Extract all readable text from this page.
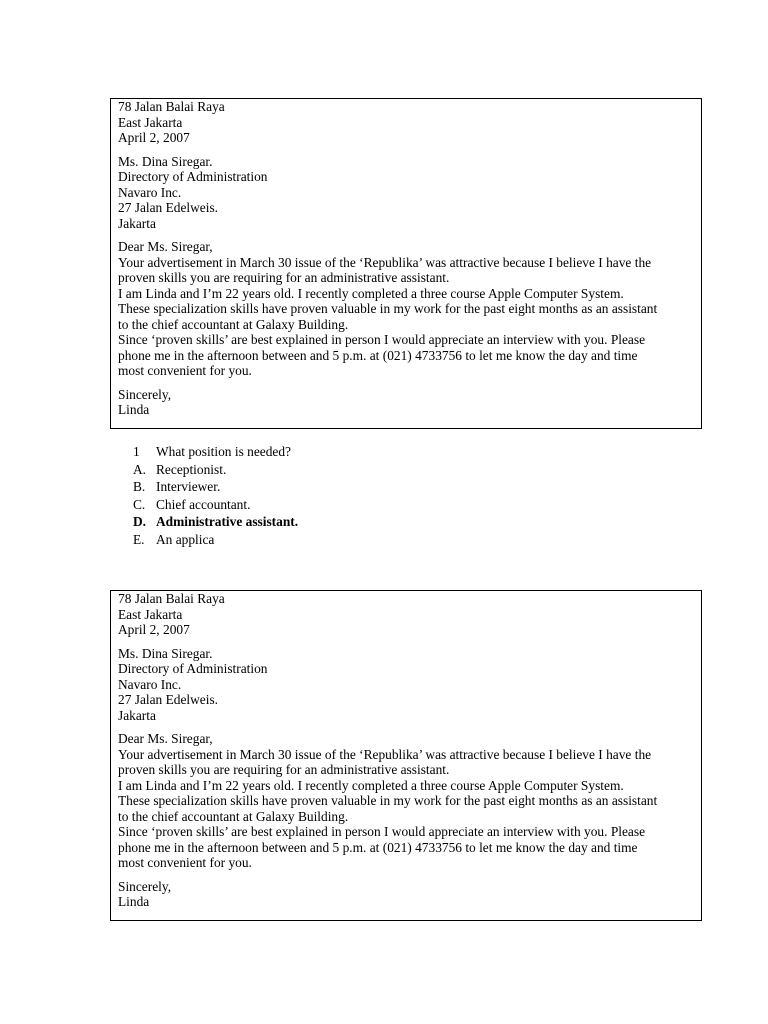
78 Jalan Balai Raya
East Jakarta
April 2, 2007
Ms. Dina Siregar.
Directory of Administration
Navaro Inc.
27 Jalan Edelweis.
Jakarta
Dear Ms. Siregar,
Your advertisement in March 30 issue of the ‘Republika’ was attractive because I believe I have the
proven skills you are requiring for an administrative assistant.
I am Linda and I’m 22 years old. I recently completed a three course Apple Computer System.
These specialization skills have proven valuable in my work for the past eight months as an assistant
to the chief accountant at Galaxy Building.
Since ‘proven skills’ are best explained in person I would appreciate an interview with you. Please
phone me in the afternoon between and 5 p.m. at (021) 4733756 to let me know the day and time
most convenient for you.
Sincerely,
Linda
1	What position is needed?
A. Receptionist.
B. Interviewer.
C. Chief accountant.
D. Administrative assistant.
E. An applica
78 Jalan Balai Raya
East Jakarta
April 2, 2007
Ms. Dina Siregar.
Directory of Administration
Navaro Inc.
27 Jalan Edelweis.
Jakarta
Dear Ms. Siregar,
Your advertisement in March 30 issue of the ‘Republika’ was attractive because I believe I have the
proven skills you are requiring for an administrative assistant.
I am Linda and I’m 22 years old. I recently completed a three course Apple Computer System.
These specialization skills have proven valuable in my work for the past eight months as an assistant
to the chief accountant at Galaxy Building.
Since ‘proven skills’ are best explained in person I would appreciate an interview with you. Please
phone me in the afternoon between and 5 p.m. at (021) 4733756 to let me know the day and time
most convenient for you.
Sincerely,
Linda
